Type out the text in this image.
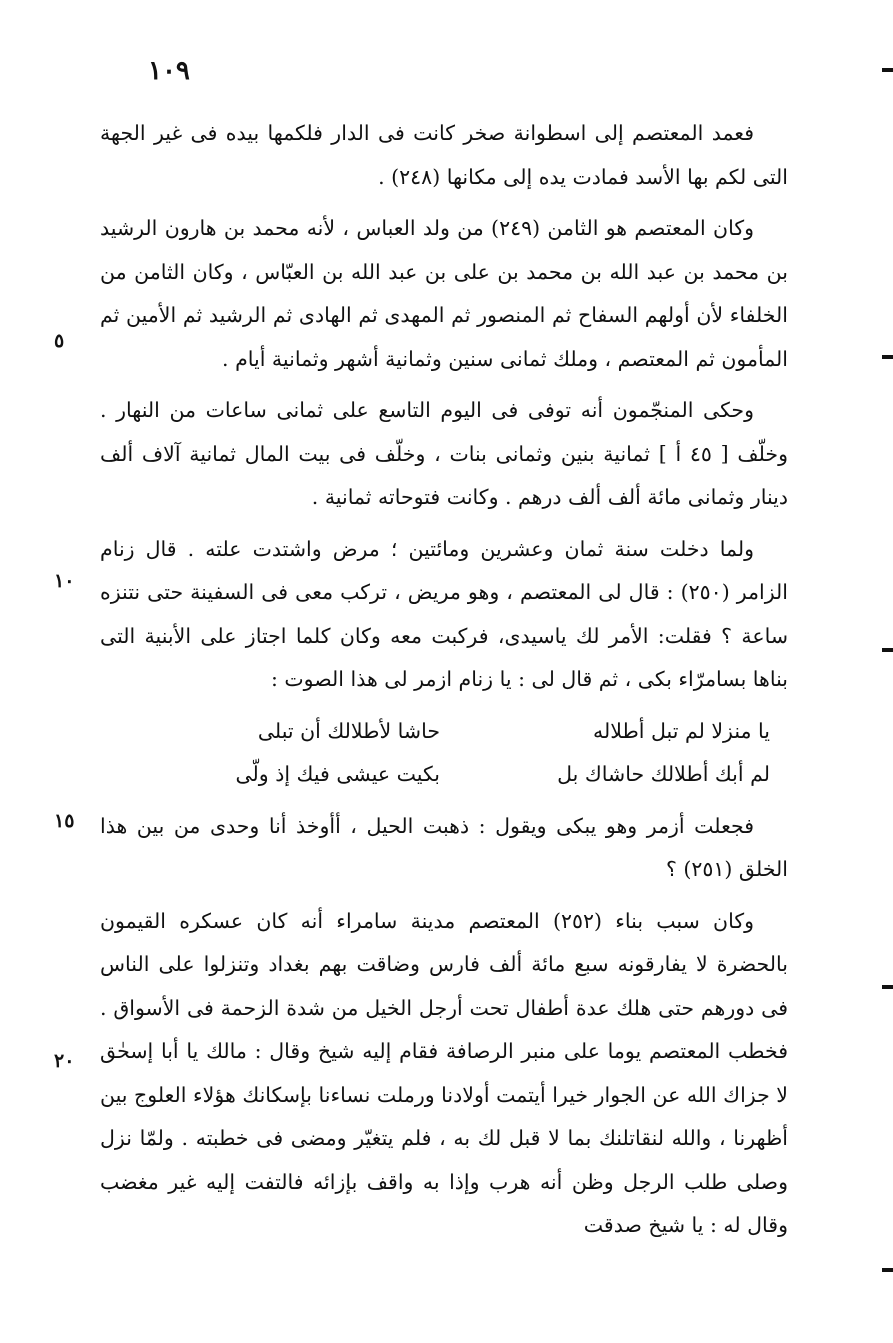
١٠٩

فعمد المعتصم إلى اسطوانة صخر كانت فى الدار فلكمها بيده فى غير الجهة التى لكم بها الأسد فمادت يده إلى مكانها (٢٤٨) .

وكان المعتصم هو الثامن (٢٤٩) من ولد العباس ، لأنه محمد بن هارون الرشيد بن محمد بن عبد الله بن محمد بن على بن عبد الله بن العبّاس ، وكان الثامن من الخلفاء لأن أولهم السفاح ثم المنصور ثم المهدى ثم الهادى ثم الرشيد ثم الأمين ثم المأمون ثم المعتصم ، وملك ثمانى سنين وثمانية أشهر وثمانية أيام .

وحكى المنجّمون أنه توفى فى اليوم التاسع على ثمانى ساعات من النهار . وخلّف [ ٤٥ أ ] ثمانية بنين وثمانى بنات ، وخلّف فى بيت المال ثمانية آلاف ألف دينار وثمانى مائة ألف ألف درهم . وكانت فتوحاته ثمانية .

ولما دخلت سنة ثمان وعشرين ومائتين ؛ مرض واشتدت علته . قال زنام الزامر (٢٥٠) : قال لى المعتصم ، وهو مريض ، تركب معى فى السفينة حتى نتنزه ساعة ؟ فقلت: الأمر لك ياسيدى، فركبت معه وكان كلما اجتاز على الأبنية التى بناها بسامرّاء بكى ، ثم قال لى : يا زنام ازمر لى هذا الصوت :

يا منزلا لم تبل أطلاله
حاشا لأطلالك أن تبلى
لم أبك أطلالك حاشاك بل
بكيت عيشى فيك إذ ولّى

فجعلت أزمر وهو يبكى ويقول : ذهبت الحيل ، أأوخذ أنا وحدى من بين هذا الخلق (٢٥١) ؟

وكان سبب بناء (٢٥٢) المعتصم مدينة سامراء أنه كان عسكره القيمون بالحضرة لا يفارقونه سبع مائة ألف فارس وضاقت بهم بغداد وتنزلوا على الناس فى دورهم حتى هلك عدة أطفال تحت أرجل الخيل من شدة الزحمة فى الأسواق . فخطب المعتصم يوما على منبر الرصافة فقام إليه شيخ وقال : مالك يا أبا إسحٰق لا جزاك الله عن الجوار خيرا أيتمت أولادنا ورملت نساءنا بإسكانك هؤلاء العلوج بين أظهرنا ، والله لنقاتلنك بما لا قبل لك به ، فلم يتغيّر ومضى فى خطبته . ولمّا نزل وصلى طلب الرجل وظن أنه هرب وإذا به واقف بإزائه فالتفت إليه غير مغضب وقال له : يا شيخ صدقت

٥
١٠
١٥
٢٠
